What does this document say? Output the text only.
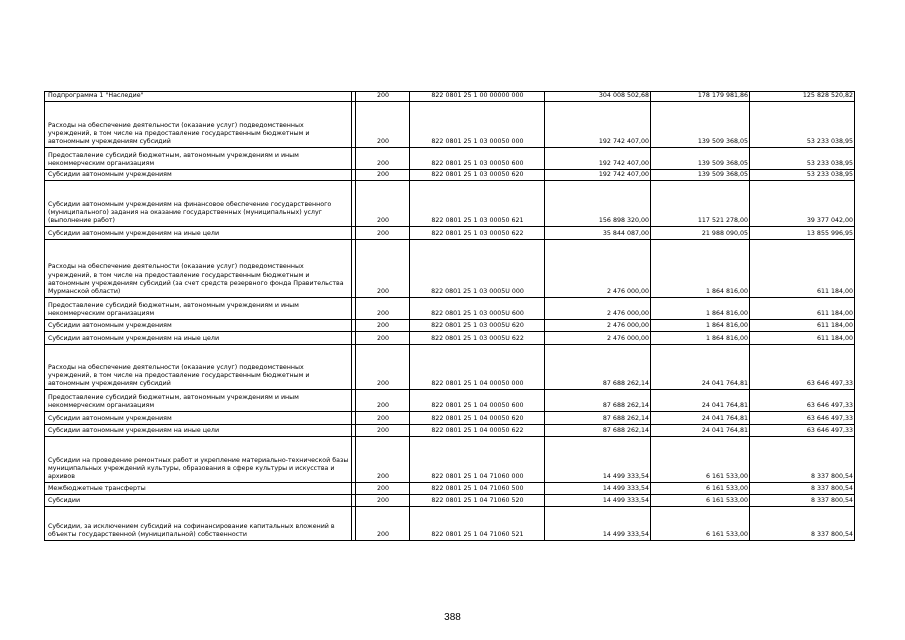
Подпрограмма 1 "Наследие"		200	822 0801 25 1 00 00000 000	304 008 502,68	178 179 981,86	125 828 520,82
Расходы на обеспечение деятельности (оказание услуг) подведомственных учреждений, в том числе на предоставление государственным бюджетным и автономным учреждениям субсидий		200	822 0801 25 1 03 00050 000	192 742 407,00	139 509 368,05	53 233 038,95
Предоставление субсидий бюджетным, автономным учреждениям и иным некоммерческим организациям		200	822 0801 25 1 03 00050 600	192 742 407,00	139 509 368,05	53 233 038,95
Субсидии автономным учреждениям		200	822 0801 25 1 03 00050 620	192 742 407,00	139 509 368,05	53 233 038,95
Субсидии автономным учреждениям на финансовое обеспечение государственного (муниципального) задания на оказание государственных (муниципальных) услуг (выполнение работ)		200	822 0801 25 1 03 00050 621	156 898 320,00	117 521 278,00	39 377 042,00
Субсидии автономным учреждениям на иные цели		200	822 0801 25 1 03 00050 622	35 844 087,00	21 988 090,05	13 855 996,95
Расходы на обеспечение деятельности (оказание услуг) подведомственных учреждений, в том числе на предоставление государственным бюджетным и автономным учреждениям субсидий (за счет средств резервного фонда Правительства Мурманской области)		200	822 0801 25 1 03 0005U 000	2 476 000,00	1 864 816,00	611 184,00
Предоставление субсидий бюджетным, автономным учреждениям и иным некоммерческим организациям		200	822 0801 25 1 03 0005U 600	2 476 000,00	1 864 816,00	611 184,00
Субсидии автономным учреждениям		200	822 0801 25 1 03 0005U 620	2 476 000,00	1 864 816,00	611 184,00
Субсидии автономным учреждениям на иные цели		200	822 0801 25 1 03 0005U 622	2 476 000,00	1 864 816,00	611 184,00
Расходы на обеспечение деятельности (оказание услуг) подведомственных учреждений, в том числе на предоставление государственным бюджетным и автономным учреждениям субсидий		200	822 0801 25 1 04 00050 000	87 688 262,14	24 041 764,81	63 646 497,33
Предоставление субсидий бюджетным, автономным учреждениям и иным некоммерческим организациям		200	822 0801 25 1 04 00050 600	87 688 262,14	24 041 764,81	63 646 497,33
Субсидии автономным учреждениям		200	822 0801 25 1 04 00050 620	87 688 262,14	24 041 764,81	63 646 497,33
Субсидии автономным учреждениям на иные цели		200	822 0801 25 1 04 00050 622	87 688 262,14	24 041 764,81	63 646 497,33
Субсидии на проведение ремонтных работ и укрепление материально-технической базы муниципальных учреждений культуры, образования в сфере культуры и искусства и архивов		200	822 0801 25 1 04 71060 000	14 499 333,54	6 161 533,00	8 337 800,54
Межбюджетные трансферты		200	822 0801 25 1 04 71060 500	14 499 333,54	6 161 533,00	8 337 800,54
Субсидии		200	822 0801 25 1 04 71060 520	14 499 333,54	6 161 533,00	8 337 800,54
Субсидии, за исключением субсидий на софинансирование капитальных вложений в объекты государственной (муниципальной) собственности		200	822 0801 25 1 04 71060 521	14 499 333,54	6 161 533,00	8 337 800,54
388
